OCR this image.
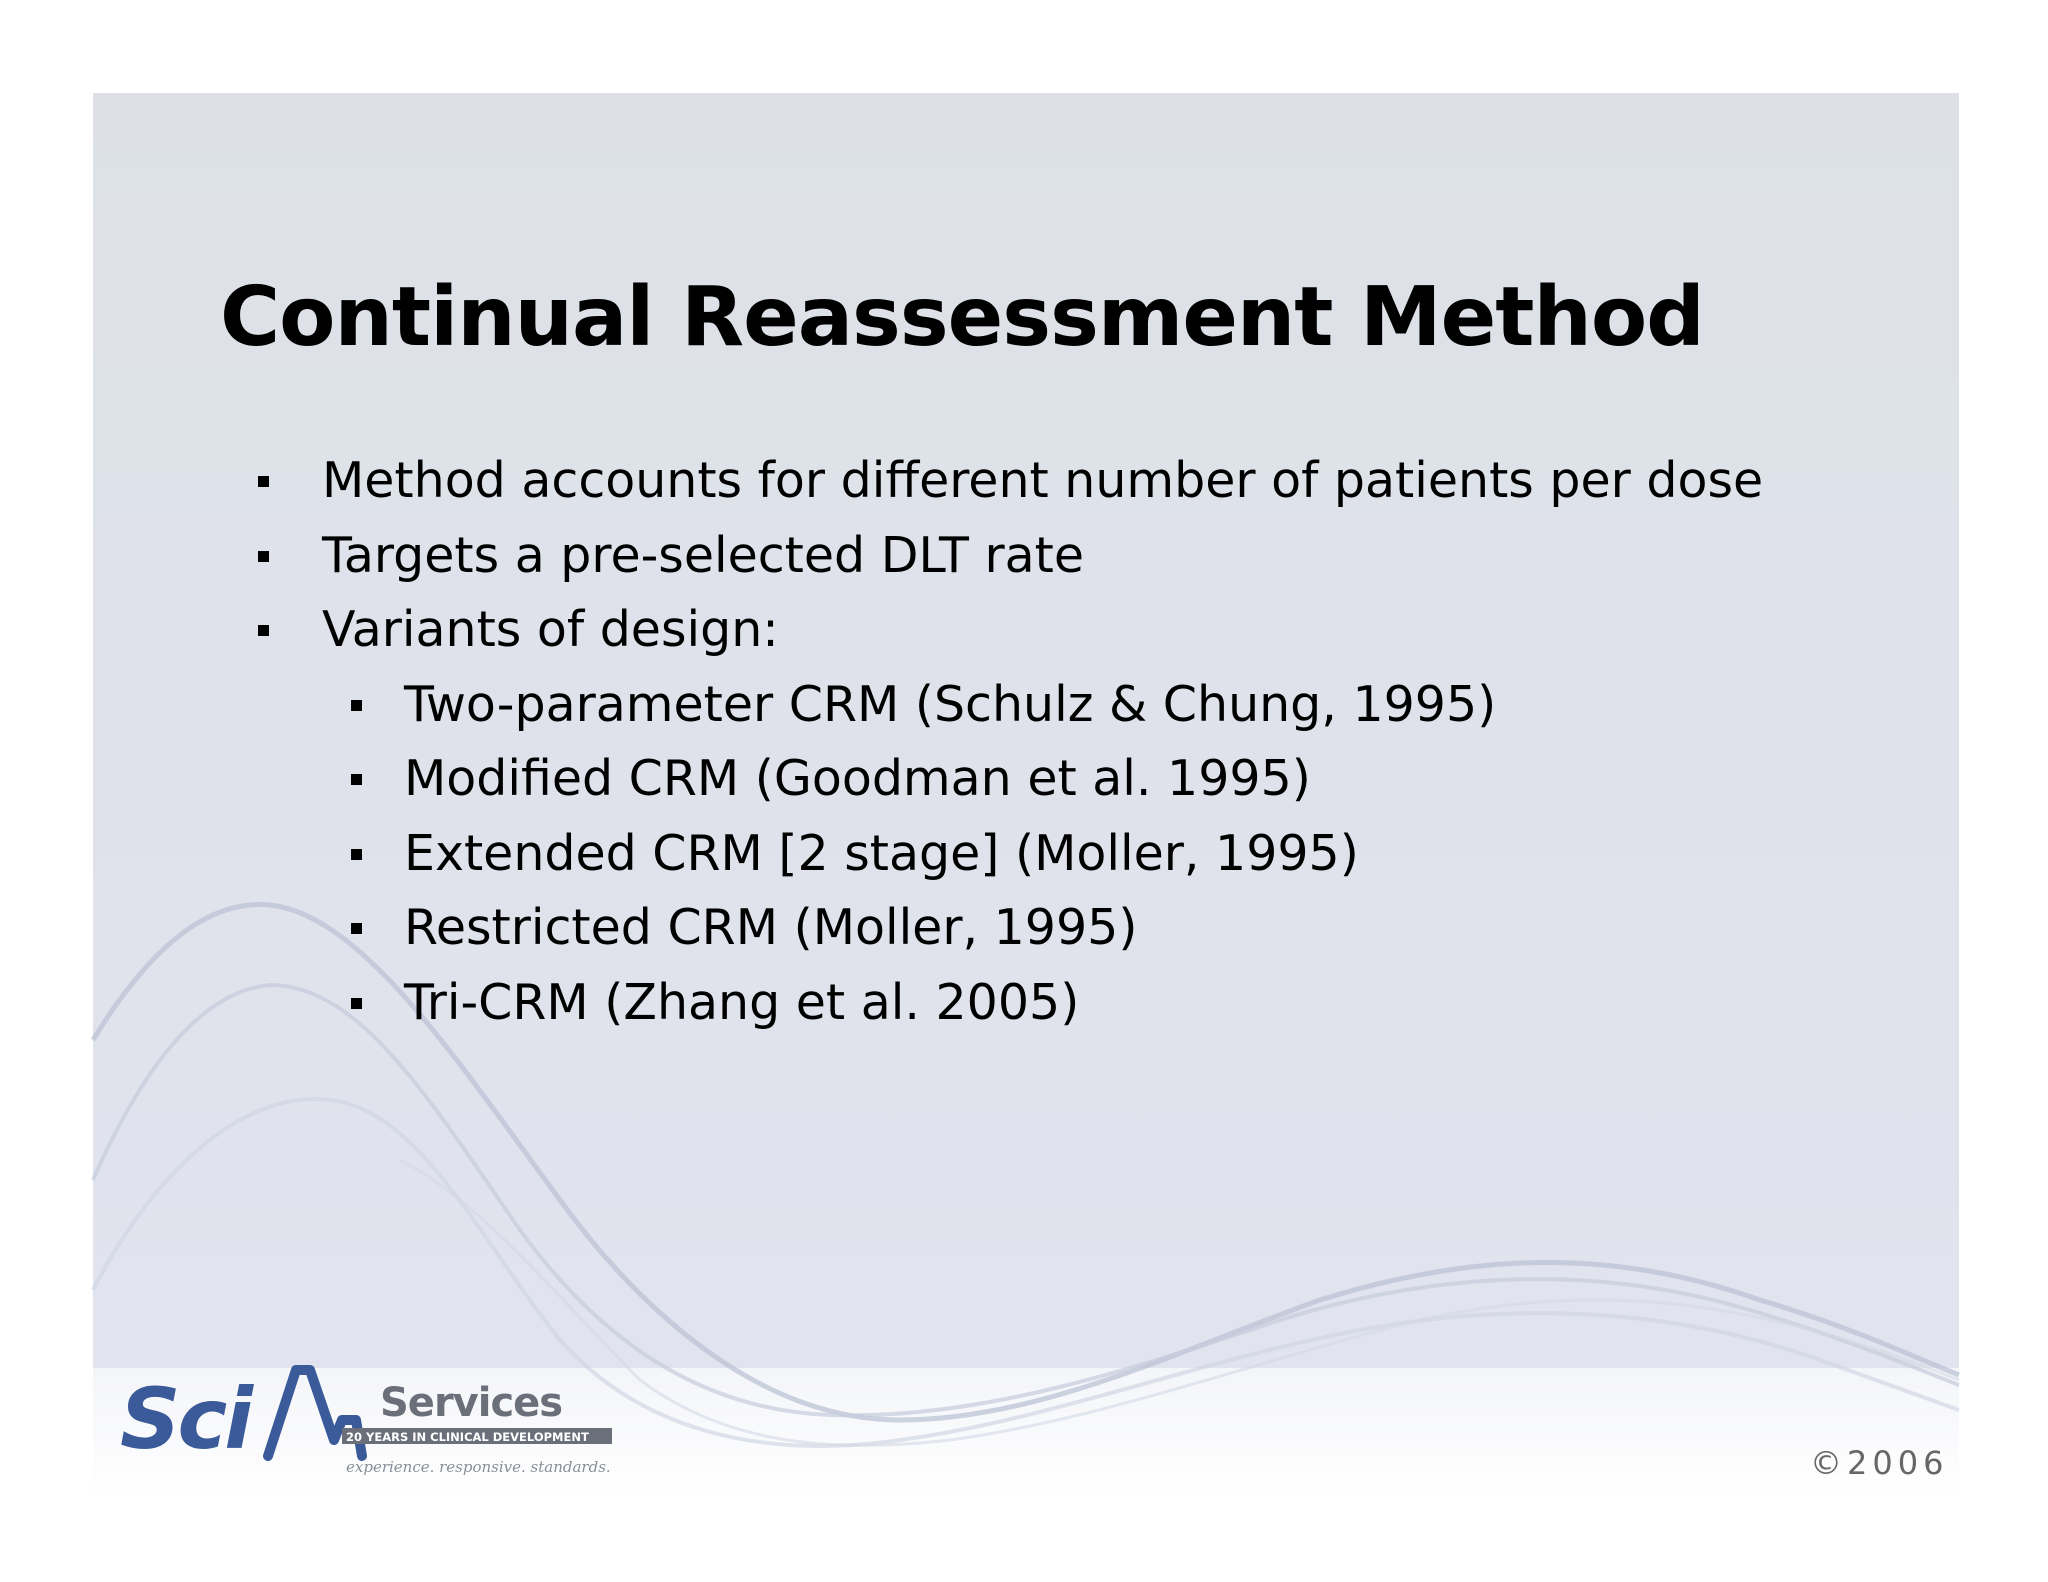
Continual Reassessment Method
Method accounts for different number of patients per dose
Targets a pre-selected DLT rate
Variants of design:
Two-parameter CRM (Schulz & Chung, 1995)
Modified CRM (Goodman et al. 1995)
Extended CRM [2 stage] (Moller, 1995)
Restricted CRM (Moller, 1995)
Tri-CRM (Zhang et al. 2005)
Sci	Services
20 YEARS IN CLINICAL DEVELOPMENT
experience. responsive. standards.	©2006
